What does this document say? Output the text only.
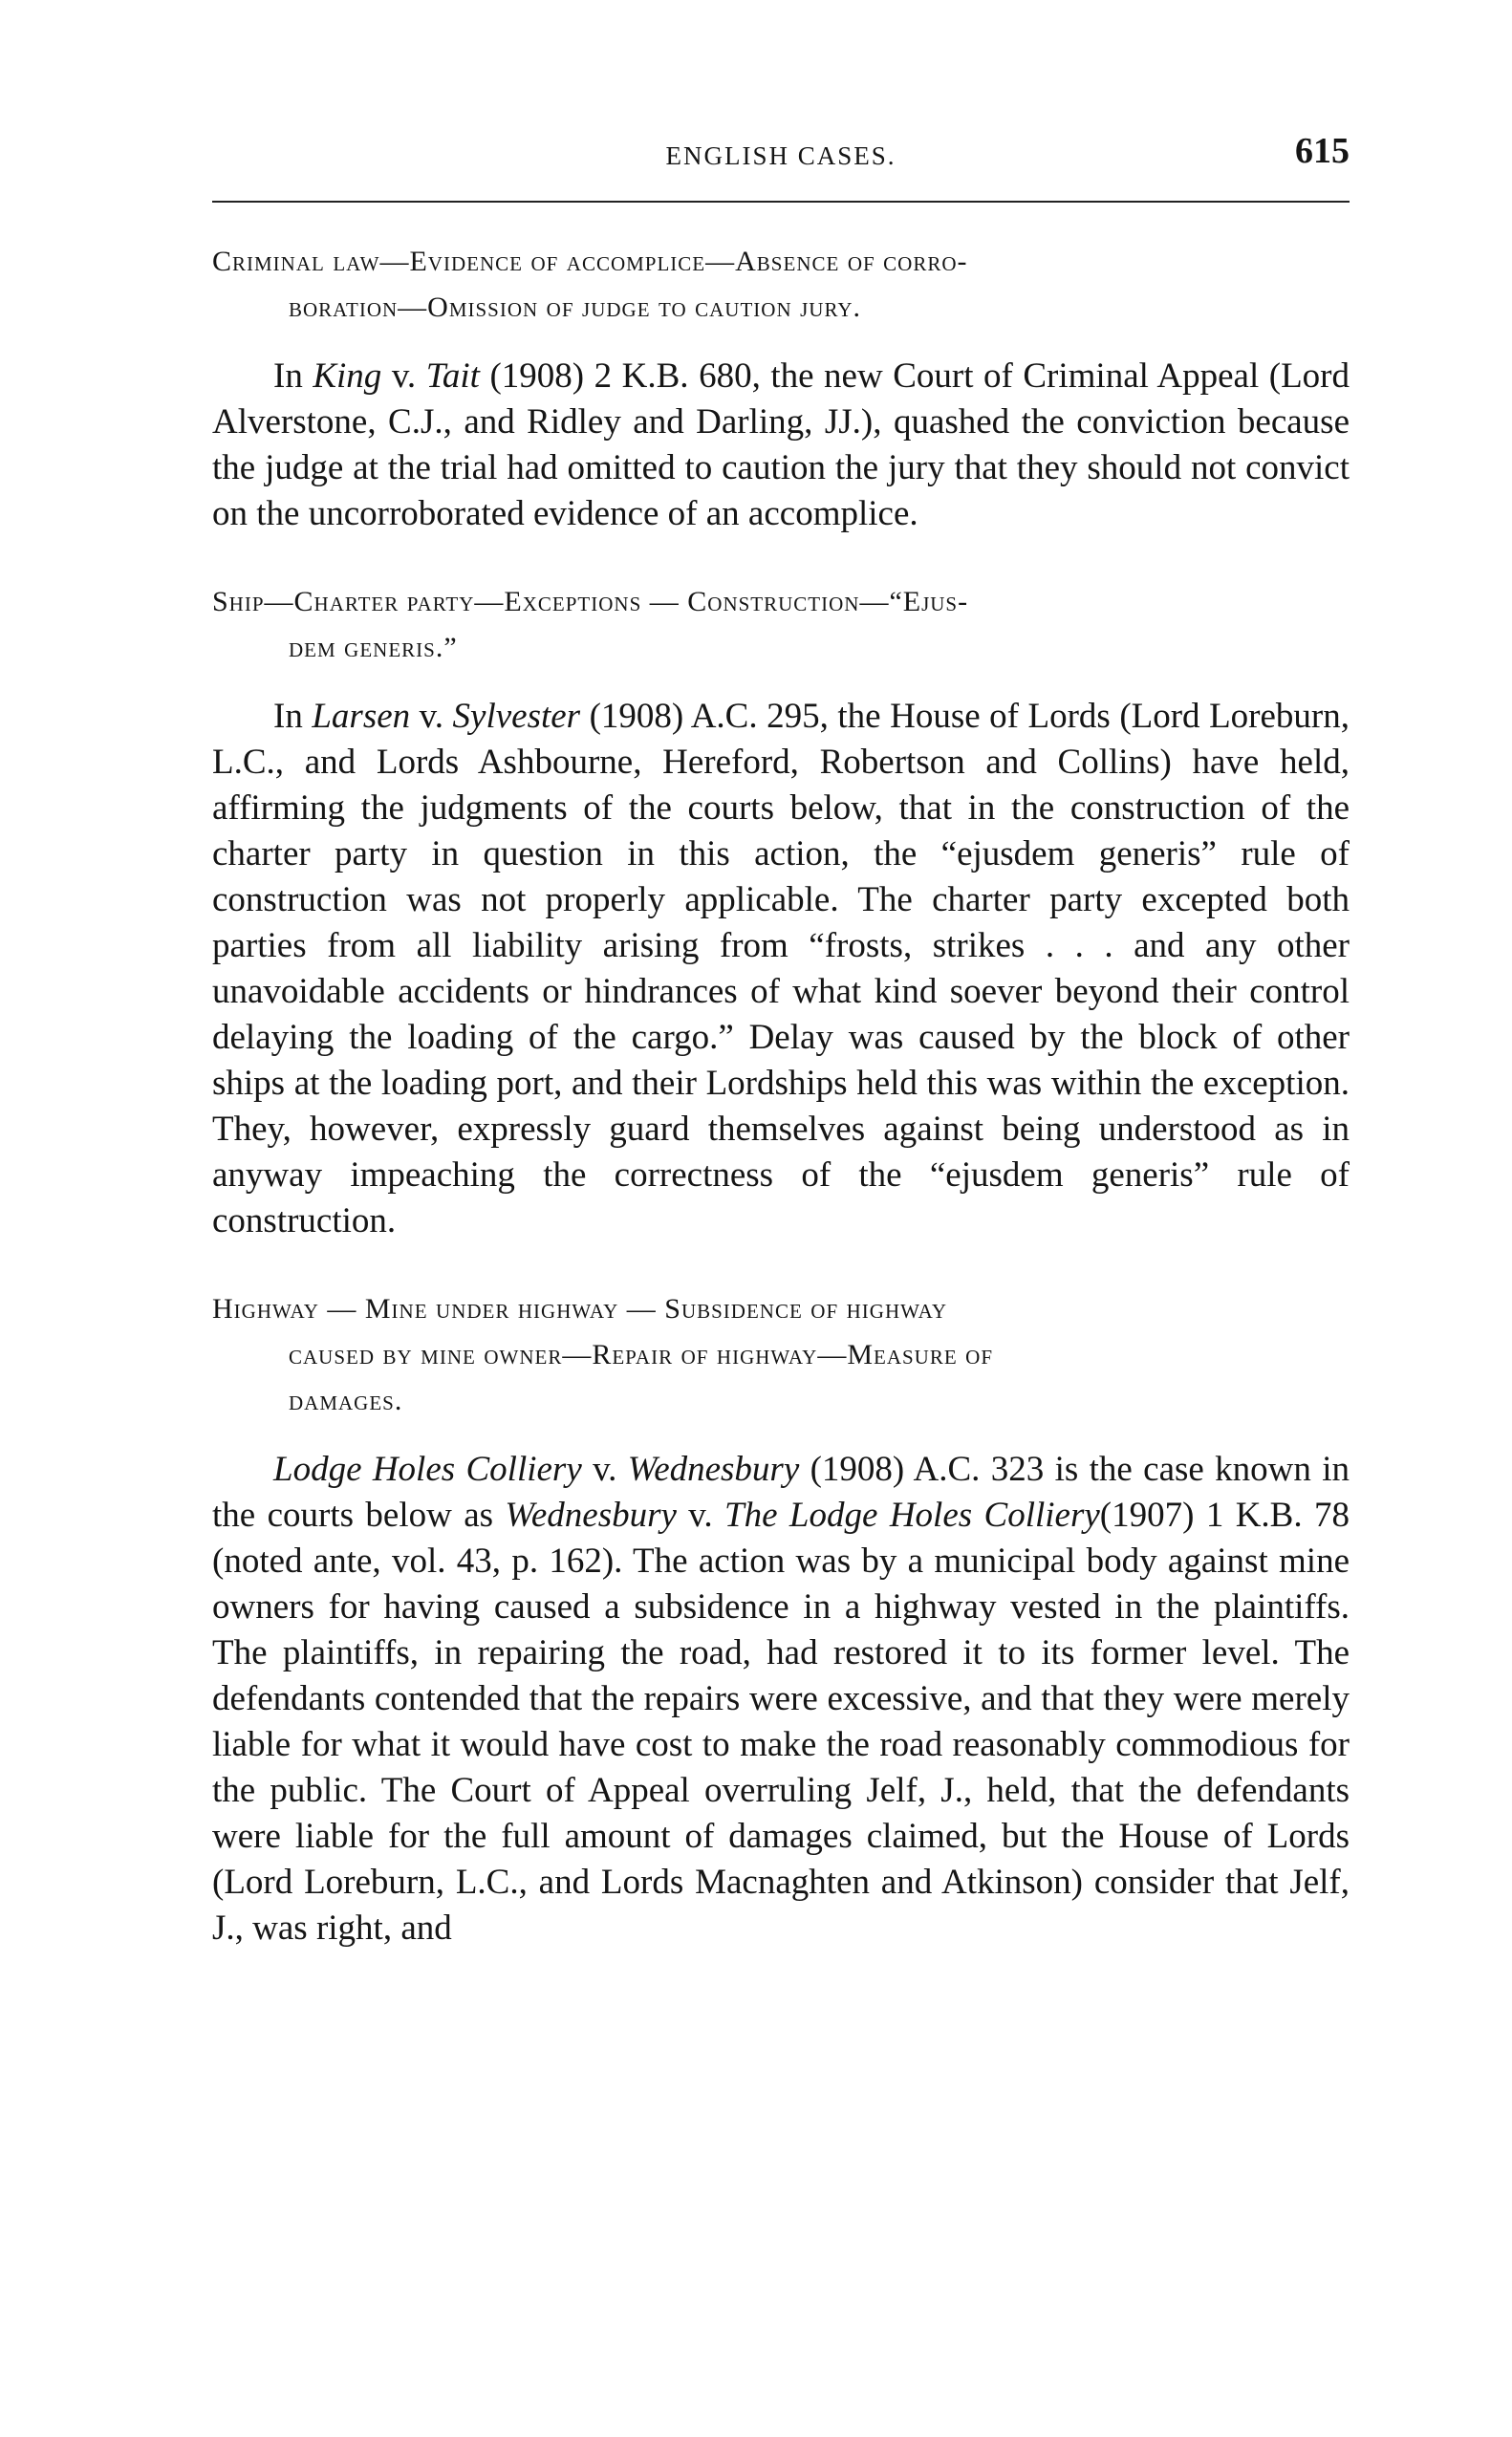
ENGLISH CASES.	615

Criminal law—Evidence of accomplice—Absence of corro-
boration—Omission of judge to caution jury.

In King v. Tait (1908) 2 K.B. 680, the new Court of Criminal Appeal (Lord Alverstone, C.J., and Ridley and Darling, JJ.), quashed the conviction because the judge at the trial had omitted to caution the jury that they should not convict on the uncorroborated evidence of an accomplice.

Ship—Charter party—Exceptions — Construction—“Ejus-
dem generis.”

In Larsen v. Sylvester (1908) A.C. 295, the House of Lords (Lord Loreburn, L.C., and Lords Ashbourne, Hereford, Robertson and Collins) have held, affirming the judgments of the courts below, that in the construction of the charter party in question in this action, the “ejusdem generis” rule of construction was not properly applicable. The charter party excepted both parties from all liability arising from “frosts, strikes . . . and any other unavoidable accidents or hindrances of what kind soever beyond their control delaying the loading of the cargo.” Delay was caused by the block of other ships at the loading port, and their Lordships held this was within the exception. They, however, expressly guard themselves against being understood as in anyway impeaching the correctness of the “ejusdem generis” rule of construction.

Highway — Mine under highway — Subsidence of highway
caused by mine owner—Repair of highway—Measure of
damages.

Lodge Holes Colliery v. Wednesbury (1908) A.C. 323 is the case known in the courts below as Wednesbury v. The Lodge Holes Colliery(1907) 1 K.B. 78 (noted ante, vol. 43, p. 162). The action was by a municipal body against mine owners for having caused a subsidence in a highway vested in the plaintiffs. The plaintiffs, in repairing the road, had restored it to its former level. The defendants contended that the repairs were excessive, and that they were merely liable for what it would have cost to make the road reasonably commodious for the public. The Court of Appeal overruling Jelf, J., held, that the defendants were liable for the full amount of damages claimed, but the House of Lords (Lord Loreburn, L.C., and Lords Macnaghten and Atkinson) consider that Jelf, J., was right, and
